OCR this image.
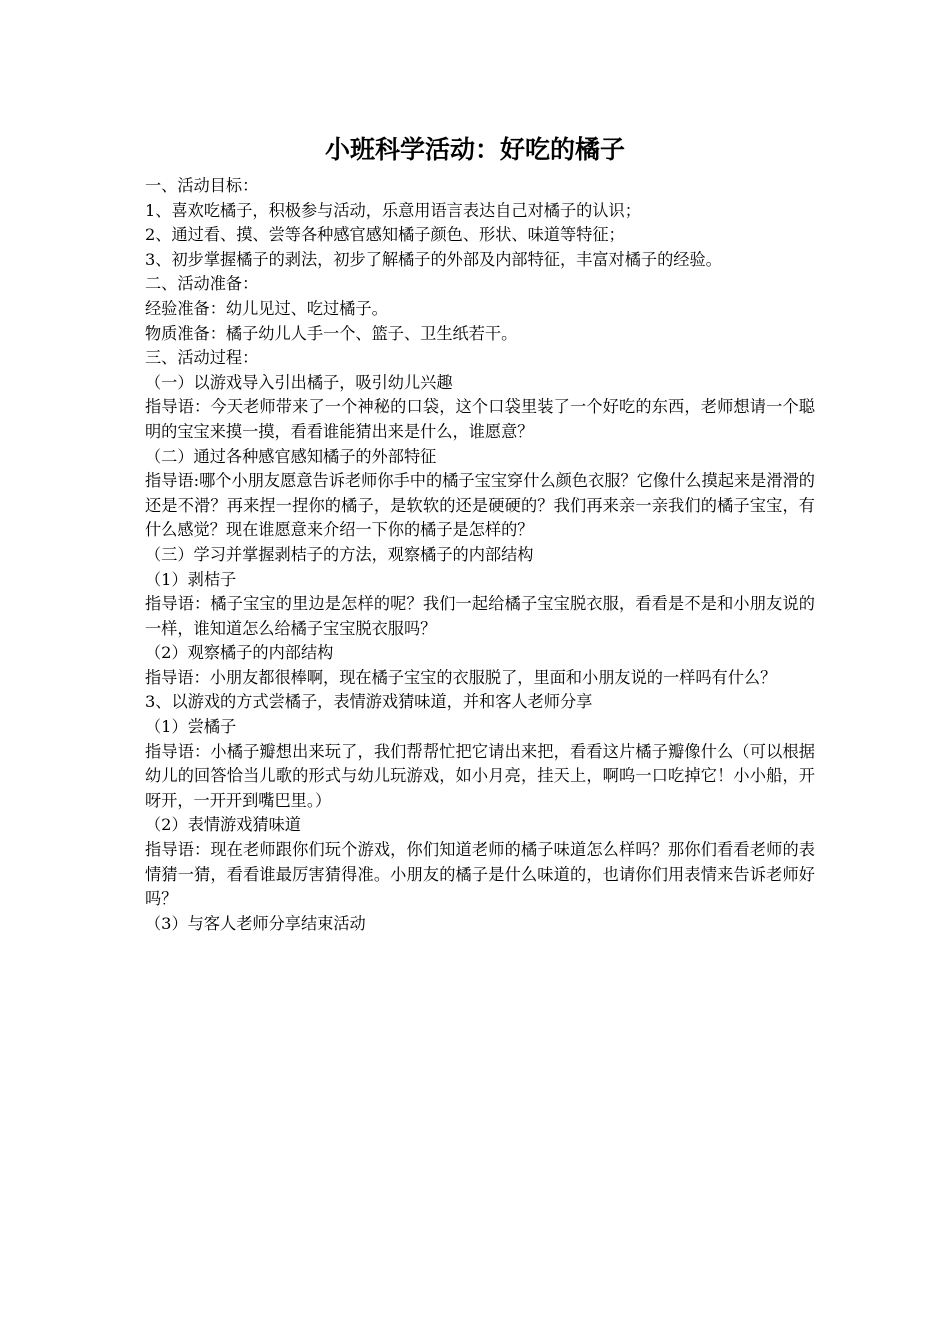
小班科学活动：好吃的橘子

一、活动目标：

1、喜欢吃橘子，积极参与活动，乐意用语言表达自己对橘子的认识；

2、通过看、摸、尝等各种感官感知橘子颜色、形状、味道等特征；

3、初步掌握橘子的剥法，初步了解橘子的外部及内部特征，丰富对橘子的经验。

二、活动准备：

经验准备：幼儿见过、吃过橘子。

物质准备：橘子幼儿人手一个、篮子、卫生纸若干。

三、活动过程：

（一）以游戏导入引出橘子，吸引幼儿兴趣

指导语：今天老师带来了一个神秘的口袋，这个口袋里装了一个好吃的东西，老师想请一个聪明的宝宝来摸一摸，看看谁能猜出来是什么，谁愿意？

（二）通过各种感官感知橘子的外部特征

指导语:哪个小朋友愿意告诉老师你手中的橘子宝宝穿什么颜色衣服？它像什么摸起来是滑滑的还是不滑？再来捏一捏你的橘子，是软软的还是硬硬的？我们再来亲一亲我们的橘子宝宝，有什么感觉？现在谁愿意来介绍一下你的橘子是怎样的？

（三）学习并掌握剥桔子的方法，观察橘子的内部结构

（1）剥桔子

指导语：橘子宝宝的里边是怎样的呢？我们一起给橘子宝宝脱衣服，看看是不是和小朋友说的一样，谁知道怎么给橘子宝宝脱衣服吗？

（2）观察橘子的内部结构

指导语：小朋友都很棒啊，现在橘子宝宝的衣服脱了，里面和小朋友说的一样吗有什么？

3、以游戏的方式尝橘子，表情游戏猜味道，并和客人老师分享

（1）尝橘子

指导语：小橘子瓣想出来玩了，我们帮帮忙把它请出来把，看看这片橘子瓣像什么（可以根据幼儿的回答恰当儿歌的形式与幼儿玩游戏，如小月亮，挂天上，啊呜一口吃掉它！小小船，开呀开，一开开到嘴巴里。）

（2）表情游戏猜味道

指导语：现在老师跟你们玩个游戏，你们知道老师的橘子味道怎么样吗？那你们看看老师的表情猜一猜，看看谁最厉害猜得准。小朋友的橘子是什么味道的，也请你们用表情来告诉老师好吗？

（3）与客人老师分享结束活动
